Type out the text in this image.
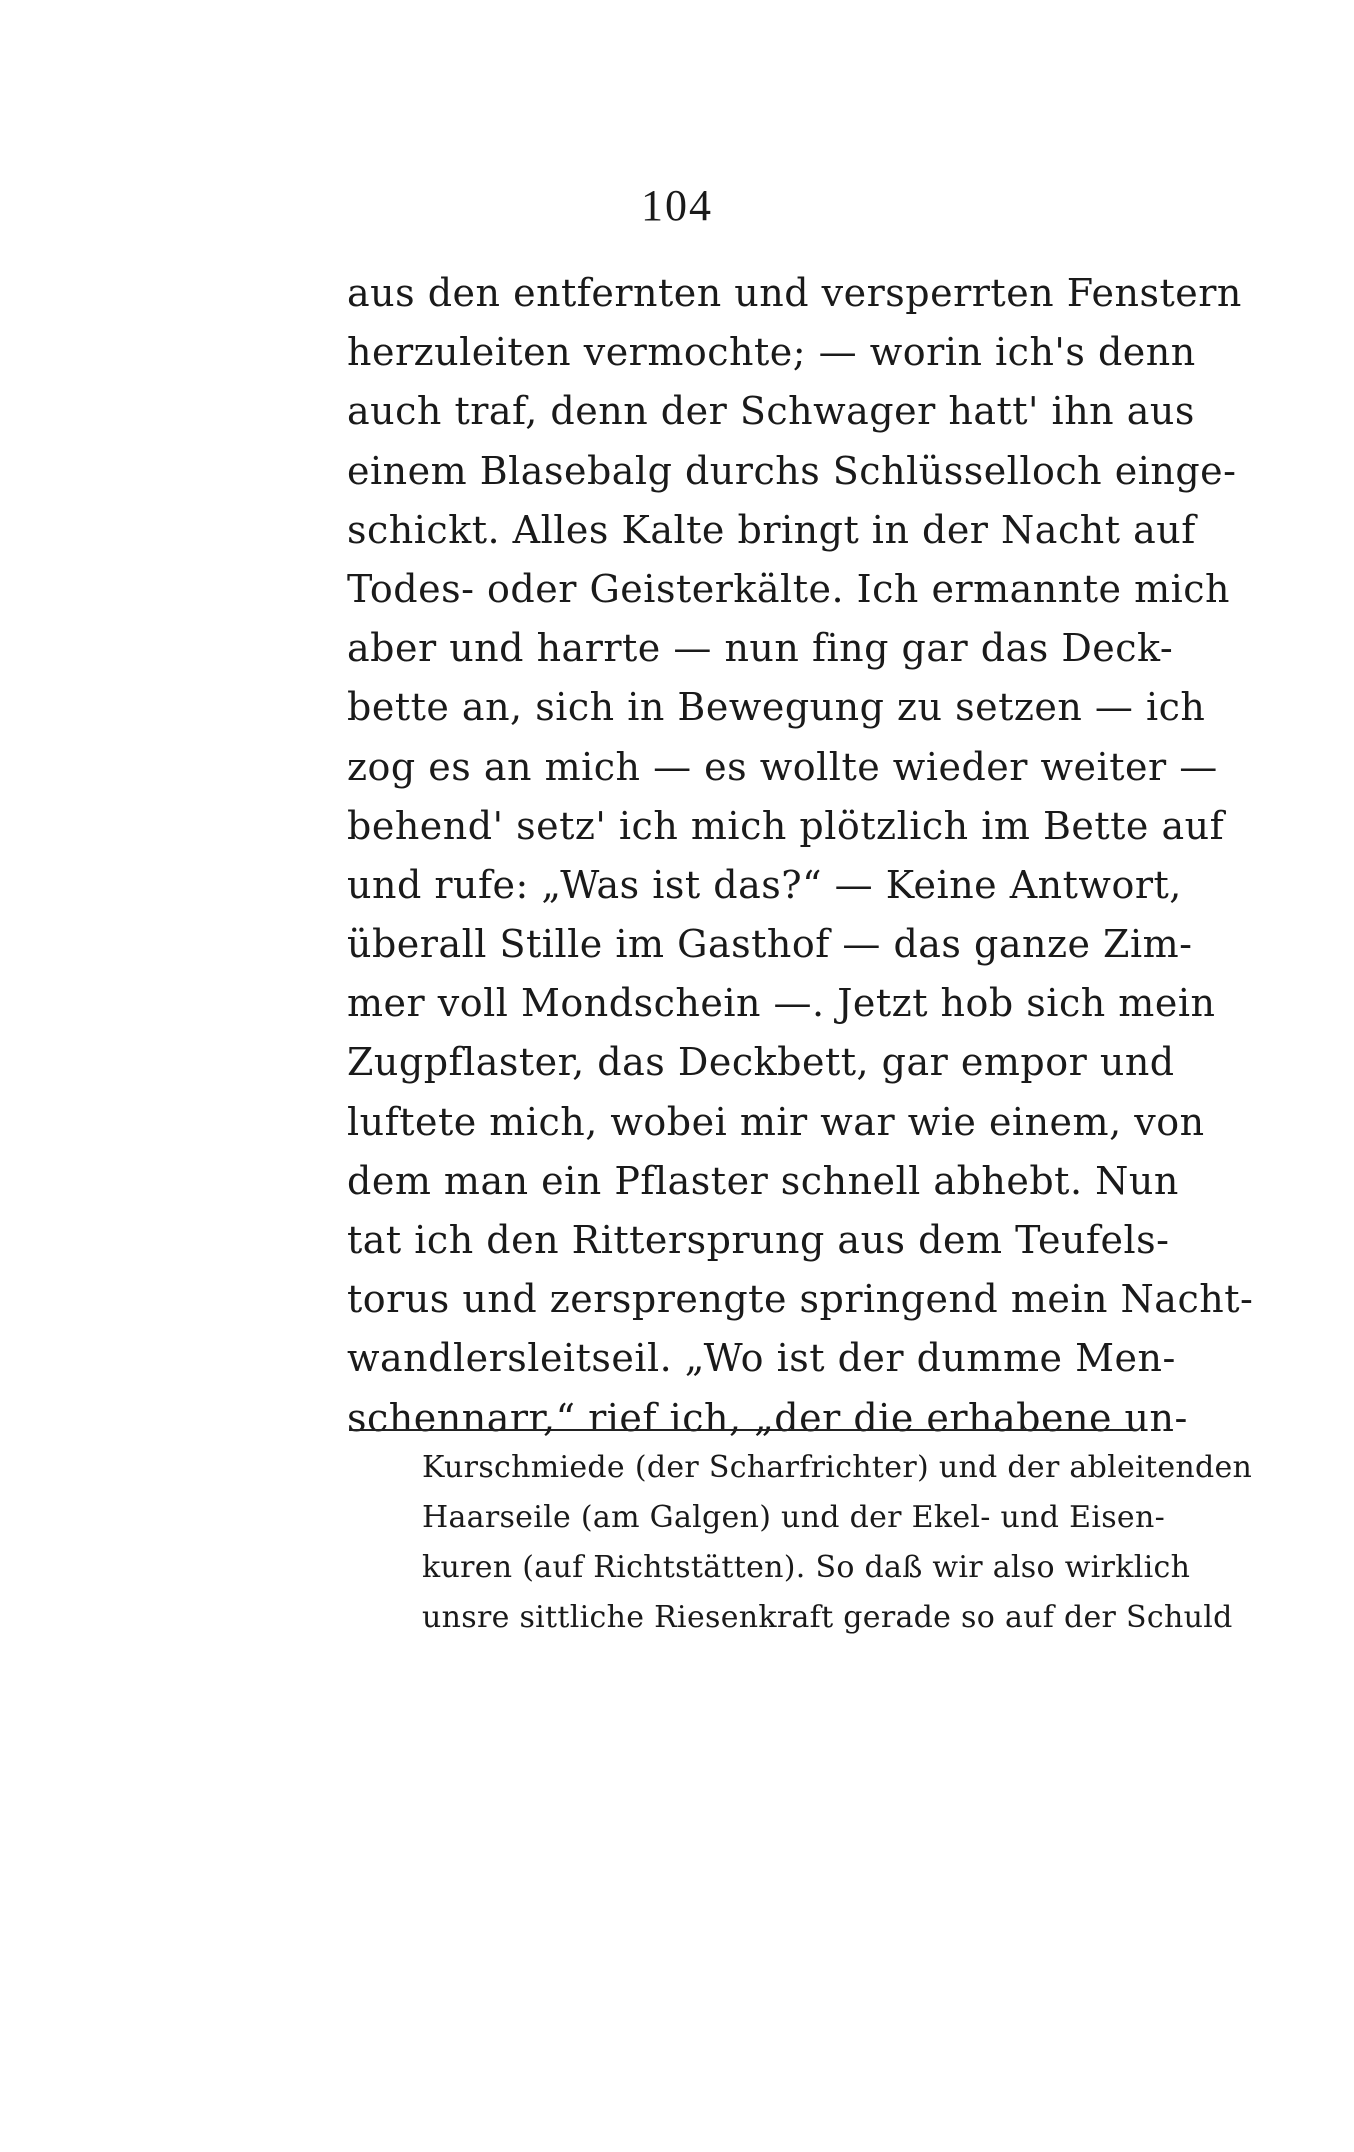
104
aus den entfernten und versperrten Fenstern
herzuleiten vermochte; — worin ich's denn
auch traf, denn der Schwager hatt' ihn aus
einem Blasebalg durchs Schlüsselloch einge-
schickt. Alles Kalte bringt in der Nacht auf
Todes- oder Geisterkälte. Ich ermannte mich
aber und harrte — nun fing gar das Deck-
bette an, sich in Bewegung zu setzen — ich
zog es an mich — es wollte wieder weiter —
behend' setz' ich mich plötzlich im Bette auf
und rufe: „Was ist das?“ — Keine Antwort,
überall Stille im Gasthof — das ganze Zim-
mer voll Mondschein —. Jetzt hob sich mein
Zugpflaster, das Deckbett, gar empor und
luftete mich, wobei mir war wie einem, von
dem man ein Pflaster schnell abhebt. Nun
tat ich den Rittersprung aus dem Teufels-
torus und zersprengte springend mein Nacht-
wandlersleitseil. „Wo ist der dumme Men-
schennarr,“ rief ich, „der die erhabene un-
Kurschmiede (der Scharfrichter) und der ableitenden
Haarseile (am Galgen) und der Ekel- und Eisen-
kuren (auf Richtstätten). So daß wir also wirklich
unsre sittliche Riesenkraft gerade so auf der Schuld
